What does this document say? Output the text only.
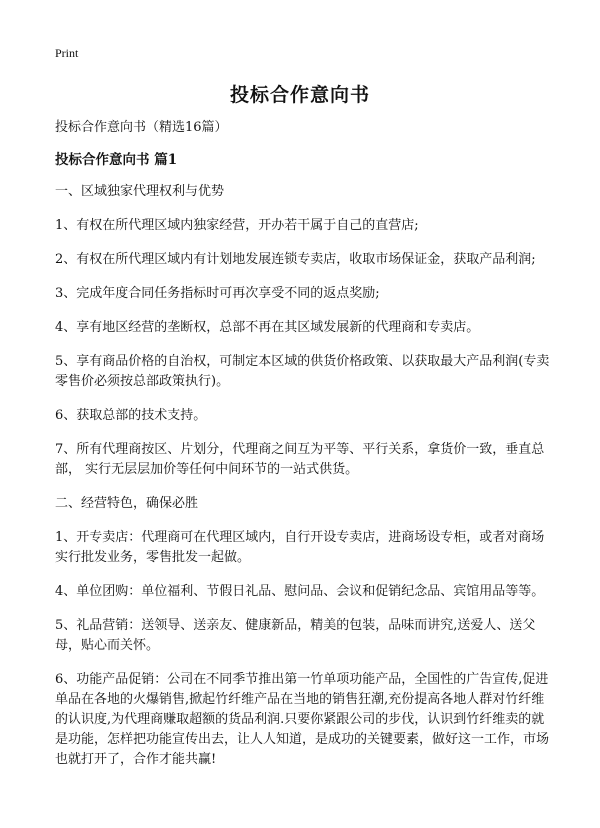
Print
投标合作意向书

投标合作意向书（精选16篇）

投标合作意向书 篇1

一、区域独家代理权利与优势

1、有权在所代理区域内独家经营，开办若干属于自己的直营店;

2、有权在所代理区域内有计划地发展连锁专卖店，收取市场保证金，获取产品利润;

3、完成年度合同任务指标时可再次享受不同的返点奖励;

4、享有地区经营的垄断权，总部不再在其区域发展新的代理商和专卖店。

5、享有商品价格的自治权，可制定本区域的供货价格政策、以获取最大产品利润(专卖零售价必须按总部政策执行)。

6、获取总部的技术支持。

7、所有代理商按区、片划分，代理商之间互为平等、平行关系，拿货价一致，垂直总部， 实行无层层加价等任何中间环节的一站式供货。

二、经营特色，确保必胜

1、开专卖店：代理商可在代理区域内，自行开设专卖店，进商场设专柜，或者对商场实行批发业务，零售批发一起做。

4、单位团购：单位福利、节假日礼品、慰问品、会议和促销纪念品、宾馆用品等等。

5、礼品营销：送领导、送亲友、健康新品，精美的包装，品味而讲究,送爱人、送父母，贴心而关怀。

6、功能产品促销：公司在不同季节推出第一竹单项功能产品，全国性的广告宣传,促进单品在各地的火爆销售,掀起竹纤维产品在当地的销售狂潮,充份提高各地人群对竹纤维的认识度,为代理商赚取超额的货品利润.只要你紧跟公司的步伐，认识到竹纤维卖的就是功能，怎样把功能宣传出去，让人人知道，是成功的关键要素，做好这一工作，市场也就打开了，合作才能共赢!
